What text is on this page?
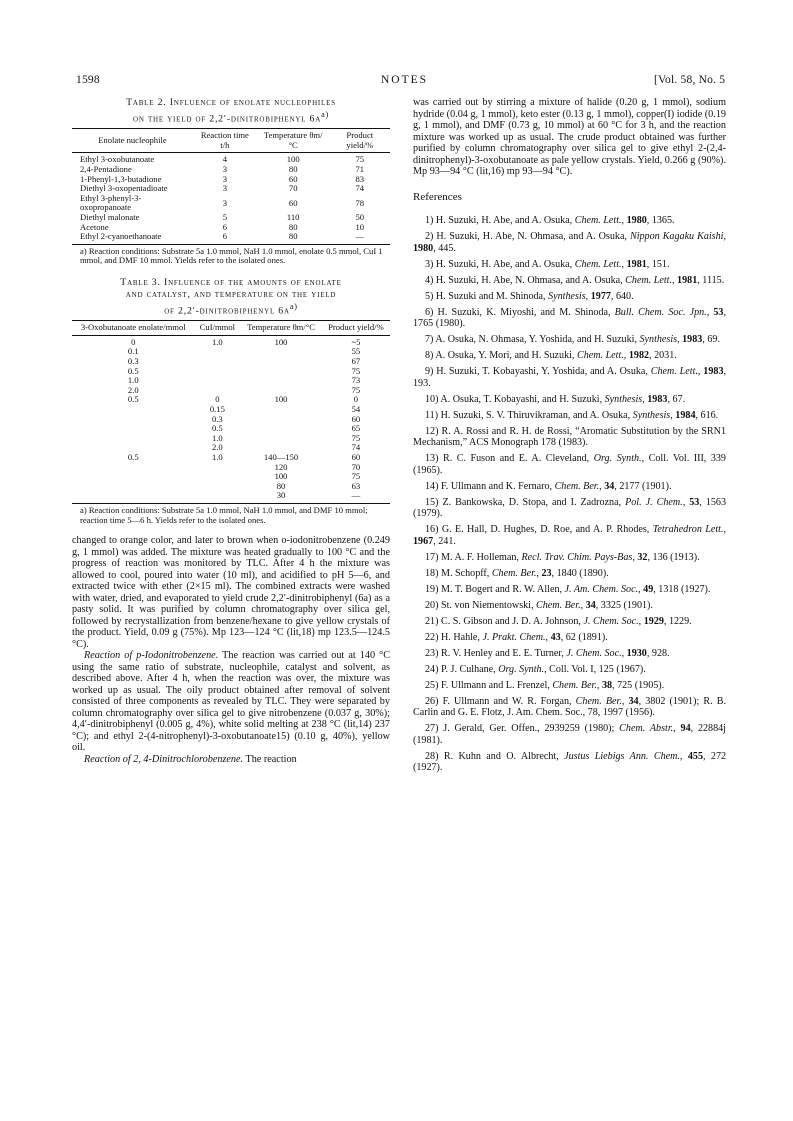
1598	NOTES	[Vol. 58, No. 5
Table 2. Influence of enolate nucleophiles
on the yield of 2,2′-dinitrobiphenyl $6a^{a)}$
Enolate nucleophile	Reaction time t/h	Temperature θm/°C	Product yield/%
Ethyl 3-oxobutanoate	4	100	75
2,4-Pentadione	3	80	71
1-Phenyl-1,3-butadione	3	60	83
Diethyl 3-oxopentadioate	3	70	74
Ethyl 3-phenyl-3-oxopropanoate	3	60	78
Diethyl malonate	5	110	50
Acetone	6	80	10
Ethyl 2-cyanoethanoate	6	80	—
a) Reaction conditions: Substrate 5a 1.0 mmol, NaH 1.0 mmol, enolate 0.5 mmol, CuI 1 mmol, and DMF 10 mmol. Yields refer to the isolated ones.
Table 3. Influence of the amounts of enolate
and catalyst, and temperature on the yield
of 2,2′-dinitrobiphenyl $6a^{a)}$
3-Oxobutanoate enolate/mmol	CuI/mmol	Temperature θm/°C	Product yield/%
0	1.0	100	~5
0.1			55
0.3			67
0.5			75
1.0			73
2.0			75
0.5	0	100	0
	0.15		54
	0.3		60
	0.5		65
	1.0		75
	2.0		74
0.5	1.0	140—150	60
		120	70
		100	75
		80	63
		30	—
a) Reaction conditions: Substrate 5a 1.0 mmol, NaH 1.0 mmol, and DMF 10 mmol; reaction time 5—6 h. Yields refer to the isolated ones.

changed to orange color, and later to brown when o-iodonitrobenzene (0.249 g, 1 mmol) was added. The mixture was heated gradually to 100 °C and the progress of reaction was monitored by TLC. After 4 h the mixture was allowed to cool, poured into water (10 ml), and acidified to pH 5—6, and extracted twice with ether (2×15 ml). The combined extracts were washed with water, dried, and evaporated to yield crude 2,2′-dinitrobiphenyl (6a) as a pasty solid. It was purified by column chromatography over silica gel, followed by recrystallization from benzene/hexane to give yellow crystals of the product. Yield, 0.09 g (75%). Mp 123—124 °C (lit,18) mp 123.5—124.5 °C).

Reaction of p-Iodonitrobenzene. The reaction was carried out at 140 °C using the same ratio of substrate, nucleophile, catalyst and solvent, as described above. After 4 h, when the reaction was over, the mixture was worked up as usual. The oily product obtained after removal of solvent consisted of three components as revealed by TLC. They were separated by column chromatography over silica gel to give nitrobenzene (0.037 g, 30%); 4,4′-dinitrobiphenyl (0.005 g, 4%), white solid melting at 238 °C (lit,14) 237 °C); and ethyl 2-(4-nitrophenyl)-3-oxobutanoate15) (0.10 g, 40%), yellow oil.

Reaction of 2, 4-Dinitrochlorobenzene. The reaction

was carried out by stirring a mixture of halide (0.20 g, 1 mmol), sodium hydride (0.04 g, 1 mmol), keto ester (0.13 g, 1 mmol), copper(I) iodide (0.19 g, 1 mmol), and DMF (0.73 g, 10 mmol) at 60 °C for 3 h, and the reaction mixture was worked up as usual. The crude product obtained was further purified by column chromatography over silica gel to give ethyl 2-(2,4-dinitrophenyl)-3-oxobutanoate as pale yellow crystals. Yield, 0.266 g (90%). Mp 93—94 °C (lit,16) mp 93—94 °C).

References

1) H. Suzuki, H. Abe, and A. Osuka, Chem. Lett., 1980, 1365.

2) H. Suzuki, H. Abe, N. Ohmasa, and A. Osuka, Nippon Kagaku Kaishi, 1980, 445.

3) H. Suzuki, H. Abe, and A. Osuka, Chem. Lett., 1981, 151.

4) H. Suzuki, H. Abe, N. Ohmasa, and A. Osuka, Chem. Lett., 1981, 1115.

5) H. Suzuki and M. Shinoda, Synthesis, 1977, 640.

6) H. Suzuki, K. Miyoshi, and M. Shinoda, Bull. Chem. Soc. Jpn., 53, 1765 (1980).

7) A. Osuka, N. Ohmasa, Y. Yoshida, and H. Suzuki, Synthesis, 1983, 69.

8) A. Osuka, Y. Mori, and H. Suzuki, Chem. Lett., 1982, 2031.

9) H. Suzuki, T. Kobayashi, Y. Yoshida, and A. Osuka, Chem. Lett., 1983, 193.

10) A. Osuka, T. Kobayashi, and H. Suzuki, Synthesis, 1983, 67.

11) H. Suzuki, S. V. Thiruvikraman, and A. Osuka, Synthesis, 1984, 616.

12) R. A. Rossi and R. H. de Rossi, “Aromatic Substitution by the SRN1 Mechanism,” ACS Monograph 178 (1983).

13) R. C. Fuson and E. A. Cleveland, Org. Synth., Coll. Vol. III, 339 (1965).

14) F. Ullmann and K. Fernaro, Chem. Ber., 34, 2177 (1901).

15) Z. Bankowska, D. Stopa, and I. Zadrozna, Pol. J. Chem., 53, 1563 (1979).

16) G. E. Hall, D. Hughes, D. Roe, and A. P. Rhodes, Tetrahedron Lett., 1967, 241.

17) M. A. F. Holleman, Recl. Trav. Chim. Pays-Bas, 32, 136 (1913).

18) M. Schopff, Chem. Ber., 23, 1840 (1890).

19) M. T. Bogert and R. W. Allen, J. Am. Chem. Soc., 49, 1318 (1927).

20) St. von Niementowski, Chem. Ber., 34, 3325 (1901).

21) C. S. Gibson and J. D. A. Johnson, J. Chem. Soc., 1929, 1229.

22) H. Hahle, J. Prakt. Chem., 43, 62 (1891).

23) R. V. Henley and E. E. Turner, J. Chem. Soc., 1930, 928.

24) P. J. Culhane, Org. Synth., Coll. Vol. I, 125 (1967).

25) F. Ullmann and L. Frenzel, Chem. Ber., 38, 725 (1905).

26) F. Ullmann and W. R. Forgan, Chem. Ber., 34, 3802 (1901); R. B. Carlin and G. E. Flotz, J. Am. Chem. Soc., 78, 1997 (1956).

27) J. Gerald, Ger. Offen., 2939259 (1980); Chem. Abstr., 94, 22884j (1981).

28) R. Kuhn and O. Albrecht, Justus Liebigs Ann. Chem., 455, 272 (1927).
